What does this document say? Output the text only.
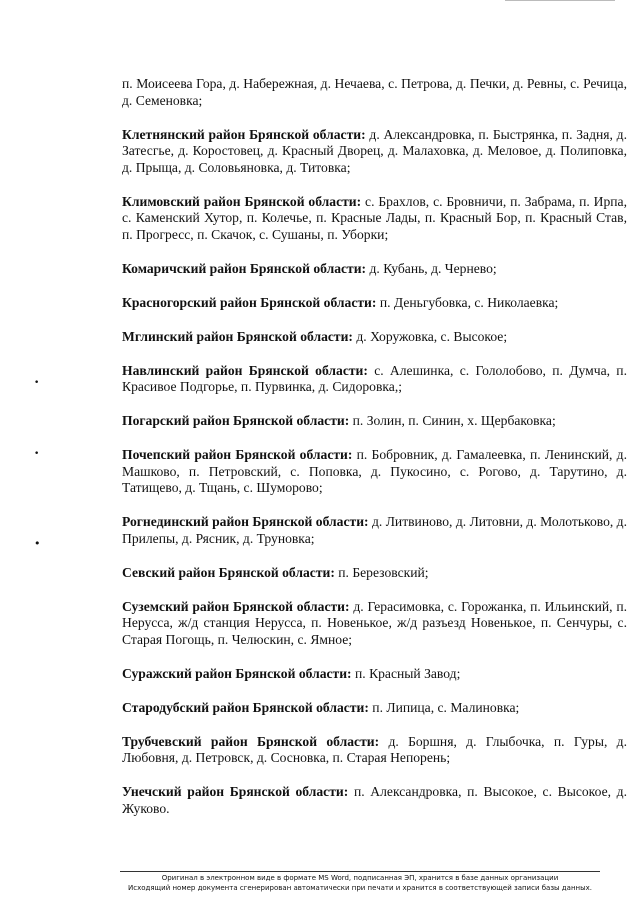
•
•
•

п. Моисеева Гора, д. Набережная, д. Нечаева, с. Петрова, д. Печки, д. Ревны, с. Речица, д. Семеновка;

Клетнянский район Брянской области: д. Александровка, п. Быстрянка, п. Задня, д. Затесгье, д. Коростовец, д. Красный Дворец, д. Малаховка, д. Меловое, д. Полиповка, д. Прыща, д. Соловьяновка, д. Титовка;

Климовский район Брянской области: с. Брахлов, с. Бровничи, п. Забрама, п. Ирпа, с. Каменский Хутор, п. Колечье, п. Красные Лады, п. Красный Бор, п. Красный Став, п. Прогресс, п. Скачок, с. Сушаны, п. Уборки;

Комаричский район Брянской области: д. Кубань, д. Чернево;

Красногорский район Брянской области: п. Деньгубовка, с. Николаевка;

Мглинский район Брянской области: д. Хоружовка, с. Высокое;

Навлинский район Брянской области: с. Алешинка, с. Гололобово, п. Думча, п. Красивое Подгорье, п. Пурвинка, д. Сидоровка,;

Погарский район Брянской области: п. Золин, п. Синин, х. Щербаковка;

Почепский район Брянской области: п. Бобровник, д. Гамалеевка, п. Ленинский, д. Машково, п. Петровский, с. Поповка, д. Пукосино, с. Рогово, д. Тарутино, д. Татищево, д. Тщань, с. Шуморово;

Рогнединский район Брянской области: д. Литвиново, д. Литовни, д. Молотьково, д. Прилепы, д. Рясник, д. Труновка;

Севский район Брянской области: п. Березовский;

Суземский район Брянской области: д. Герасимовка, с. Горожанка, п. Ильинский, п. Нерусса, ж/д станция Нерусса, п. Новенькое, ж/д разъезд Новенькое, п. Сенчуры, с. Старая Погощь, п. Челюскин, с. Ямное;

Суражский район Брянской области: п. Красный Завод;

Стародубский район Брянской области: п. Липица, с. Малиновка;

Трубчевский район Брянской области: д. Боршня, д. Глыбочка, п. Гуры, д. Любовня, д. Петровск, д. Сосновка, п. Старая Непорень;

Унечский район Брянской области: п. Александровка, п. Высокое, с. Высокое, д. Жуково.

Оригинал в электронном виде в формате MS Word, подписанная ЭП, хранится в базе данных организации
Исходящий номер документа сгенерирован автоматически при печати и хранится в соответствующей записи базы данных.
